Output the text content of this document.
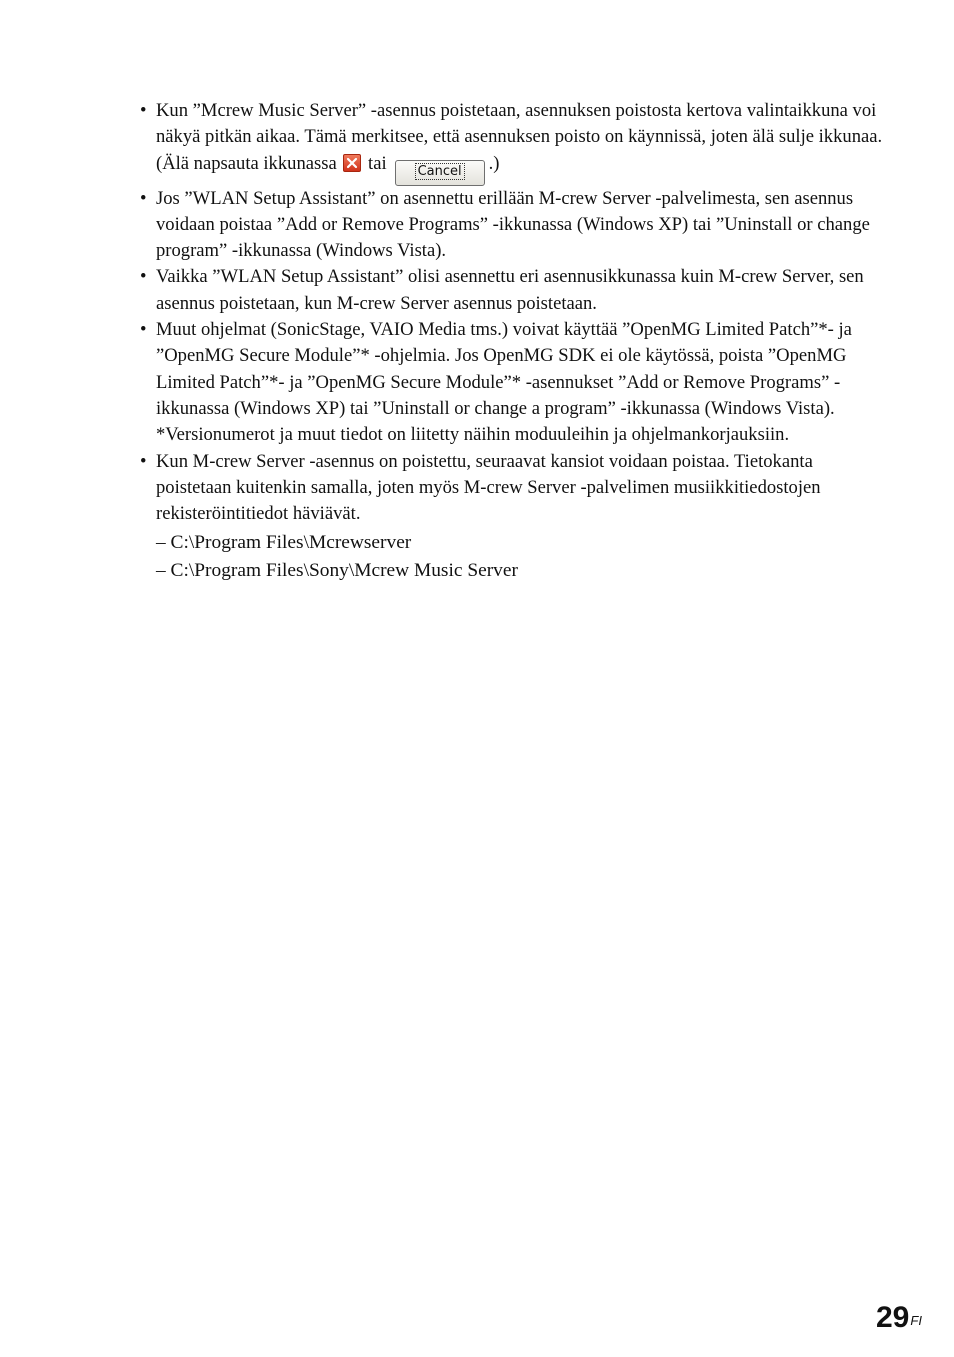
• Kun ”Mcrew Music Server” -asennus poistetaan, asennuksen poistosta kertova valintaikkuna voi näkyä pitkän aikaa. Tämä merkitsee, että asennuksen poisto on käynnissä, joten älä sulje ikkunaa. (Älä napsauta ikkunassa tai Cancel .)
• Jos ”WLAN Setup Assistant” on asennettu erillään M-crew Server -palvelimesta, sen asennus voidaan poistaa ”Add or Remove Programs” -ikkunassa (Windows XP) tai ”Uninstall or change program” -ikkunassa (Windows Vista).
• Vaikka ”WLAN Setup Assistant” olisi asennettu eri asennusikkunassa kuin M-crew Server, sen asennus poistetaan, kun M-crew Server asennus poistetaan.
• Muut ohjelmat (SonicStage, VAIO Media tms.) voivat käyttää ”OpenMG Limited Patch”*- ja ”OpenMG Secure Module”* -ohjelmia. Jos OpenMG SDK ei ole käytössä, poista ”OpenMG Limited Patch”*- ja ”OpenMG Secure Module”* -asennukset ”Add or Remove Programs” -ikkunassa (Windows XP) tai ”Uninstall or change a program” -ikkunassa (Windows Vista).
*Versionumerot ja muut tiedot on liitetty näihin moduuleihin ja ohjelmankorjauksiin.
• Kun M-crew Server -asennus on poistettu, seuraavat kansiot voidaan poistaa. Tietokanta poistetaan kuitenkin samalla, joten myös M-crew Server -palvelimen musiikkitiedostojen rekisteröintitiedot häviävät.
– C:\Program Files\Mcrewserver
– C:\Program Files\Sony\Mcrew Music Server
29FI
